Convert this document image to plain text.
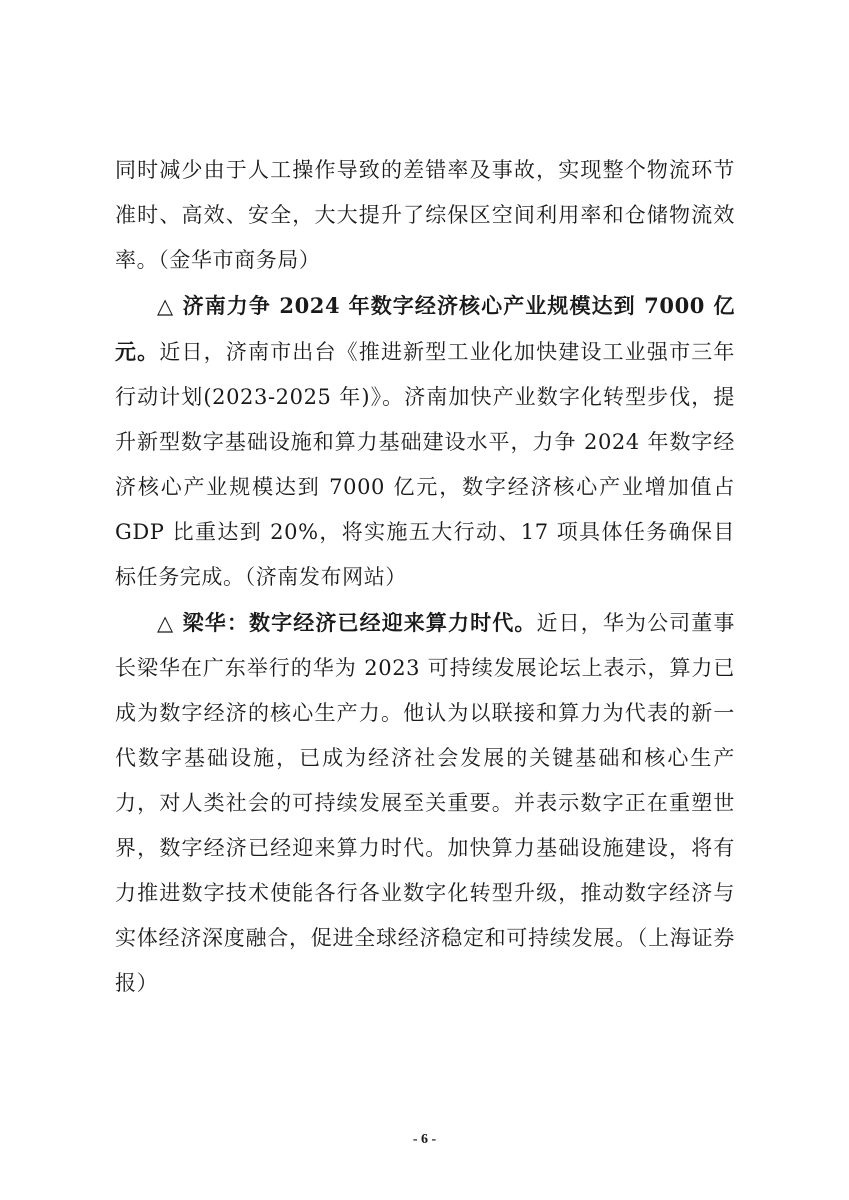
同时减少由于人工操作导致的差错率及事故，实现整个物流环节准时、高效、安全，大大提升了综保区空间利用率和仓储物流效率。（金华市商务局）

△ 济南力争 2024 年数字经济核心产业规模达到 7000 亿元。近日，济南市出台《推进新型工业化加快建设工业强市三年行动计划(2023-2025 年)》。济南加快产业数字化转型步伐，提升新型数字基础设施和算力基础建设水平，力争 2024 年数字经济核心产业规模达到 7000 亿元，数字经济核心产业增加值占 GDP 比重达到 20%，将实施五大行动、17 项具体任务确保目标任务完成。（济南发布网站）

△ 梁华：数字经济已经迎来算力时代。近日，华为公司董事长梁华在广东举行的华为 2023 可持续发展论坛上表示，算力已成为数字经济的核心生产力。他认为以联接和算力为代表的新一代数字基础设施，已成为经济社会发展的关键基础和核心生产力，对人类社会的可持续发展至关重要。并表示数字正在重塑世界，数字经济已经迎来算力时代。加快算力基础设施建设，将有力推进数字技术使能各行各业数字化转型升级，推动数字经济与实体经济深度融合，促进全球经济稳定和可持续发展。（上海证券报）

- 6 -
